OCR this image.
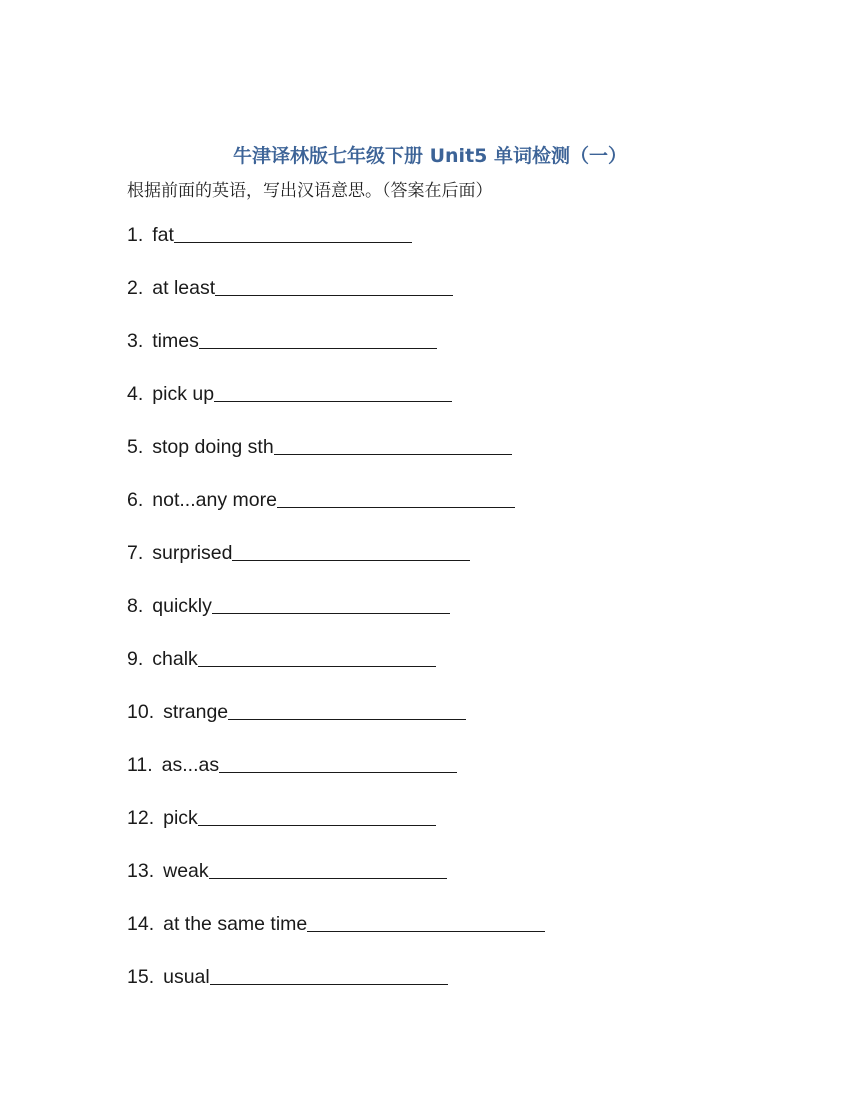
牛津译林版七年级下册 Unit5 单词检测（一）
根据前面的英语，写出汉语意思。（答案在后面）
1. fat
2. at least
3. times
4. pick up
5. stop doing sth
6. not...any more
7. surprised
8. quickly
9. chalk
10. strange
11. as...as
12. pick
13. weak
14. at the same time
15. usual
